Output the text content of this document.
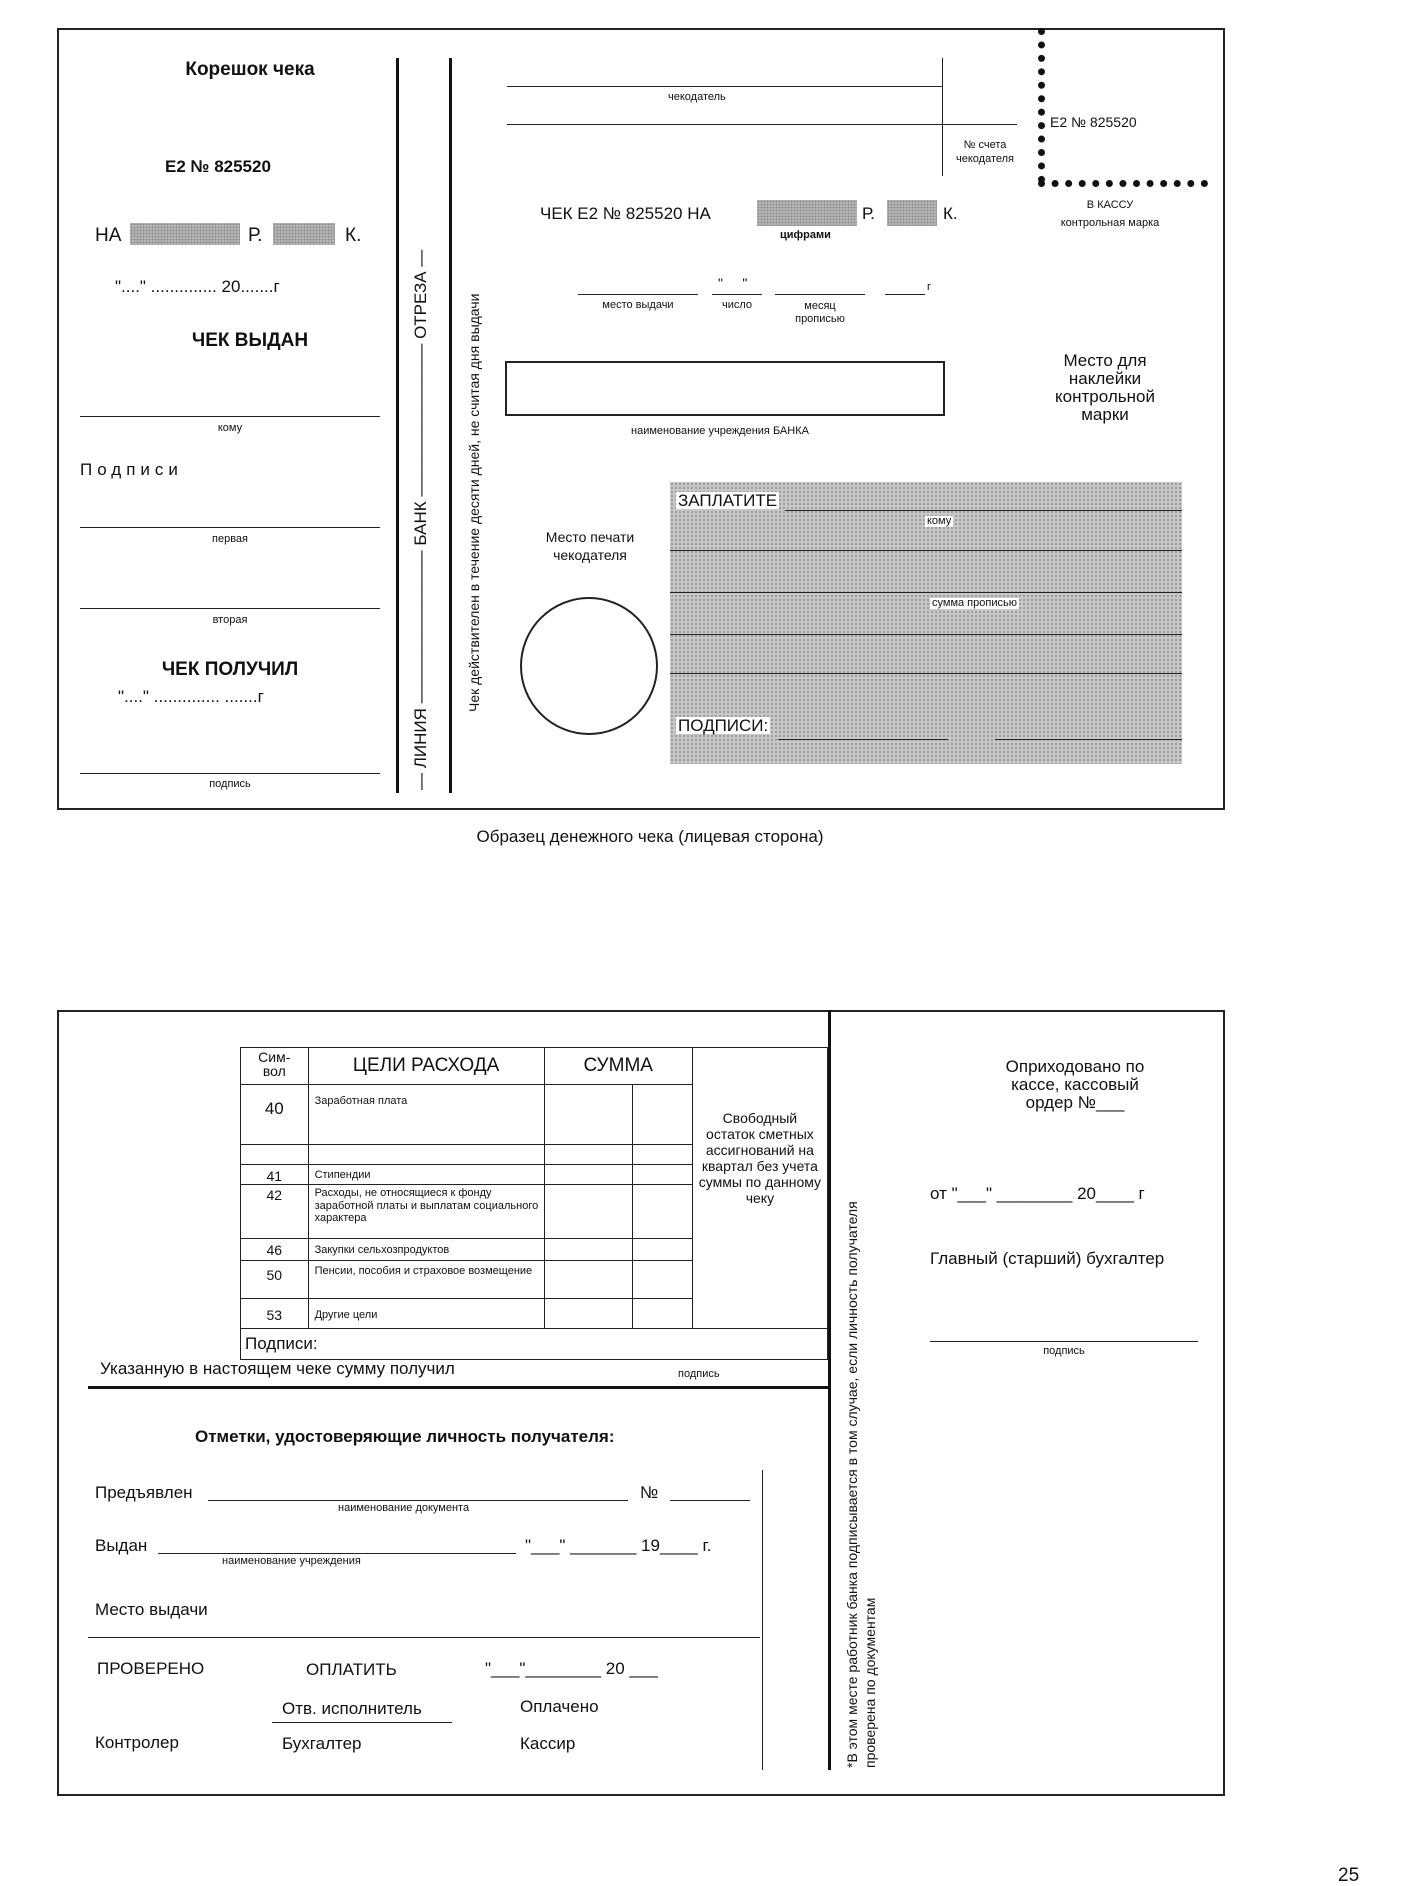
Корешок чека
Е2 № 825520
НА	Р.	К.
"...." .............. 20.......г
ЧЕК ВЫДАН
кому
Подписи
первая
вторая
ЧЕК ПОЛУЧИЛ
"...." .............. .......г
подпись	— ЛИНИЯ ————————— БАНК ————————— ОТРЕЗА —	Чек действителен в течение десяти дней, не считая дня выдачи
чекодатель
№ счета чекодателя
Е2 № 825520
В КАССУ
контрольная марка
ЧЕК Е2 № 825520 НА	Р.	К.
цифрами
место выдачи
"     "
число	месяц прописью
г
наименование учреждения БАНКА
Место для наклейки контрольной марки
Место печати чекодателя
ЗАПЛАТИТЕ
кому
сумма прописью
ПОДПИСИ:
Образец денежного чека (лицевая сторона)
Сим-вол	ЦЕЛИ РАСХОДА	СУММА		Свободный остаток сметных ассигнований на квартал без учета суммы по данному чеку

40	Заработная плата			

41	Стипендии			

42	Расходы, не относящиеся к фонду заработной платы и выплатам социального характера			

46	Закупки сельхозпродуктов			

50	Пенсии, пособия и страховое возмещение			

53	Другие цели			

Подписи:				
Указанную в настоящем чеке сумму получил	подпись
Отметки, удостоверяющие личность получателя:
Предъявлен	№
наименование документа
Выдан	"___" _______ 19____ г.
наименование учреждения
Место выдачи
ПРОВЕРЕНО	ОПЛАТИТЬ	"___"________ 20 ___
Отв. исполнитель	Оплачено
Контролер	Бухгалтер	Кассир	*В этом месте работник банка подписывается в том случае, если личность получателя проверена по документам
Оприходовано по кассе, кассовый ордер №___
от "___" ________ 20____ г
Главный (старший) бухгалтер
подпись
25
